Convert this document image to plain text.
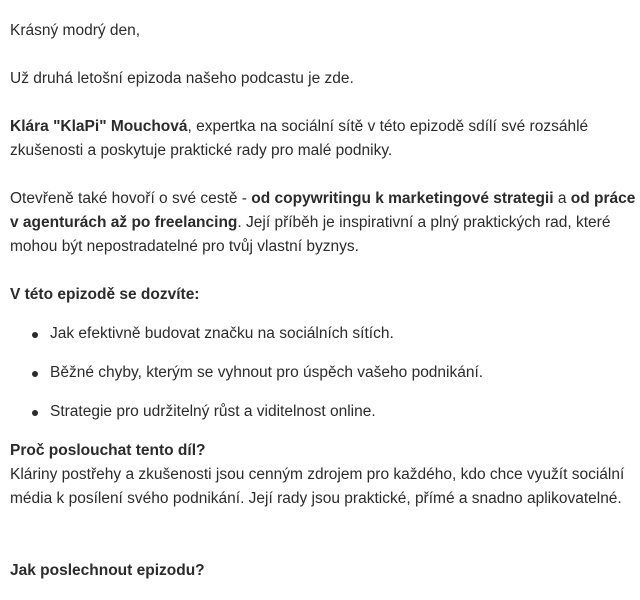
Krásný modrý den,

Už druhá letošní epizoda našeho podcastu je zde.

Klára "KlaPi" Mouchová, expertka na sociální sítě v této epizodě sdílí své rozsáhlé zkušenosti a poskytuje praktické rady pro malé podniky.

Otevřeně také hovoří o své cestě - od copywritingu k marketingové strategii a od práce v agenturách až po freelancing. Její příběh je inspirativní a plný praktických rad, které mohou být nepostradatelné pro tvůj vlastní byznys.

V této epizodě se dozvíte:

Jak efektivně budovat značku na sociálních sítích.
Běžné chyby, kterým se vyhnout pro úspěch vašeho podnikání.
Strategie pro udržitelný růst a viditelnost online.

Proč poslouchat tento díl?

Kláriny postřehy a zkušenosti jsou cenným zdrojem pro každého, kdo chce využít sociální média k posílení svého podnikání. Její rady jsou praktické, přímé a snadno aplikovatelné.

Jak poslechnout epizodu?
